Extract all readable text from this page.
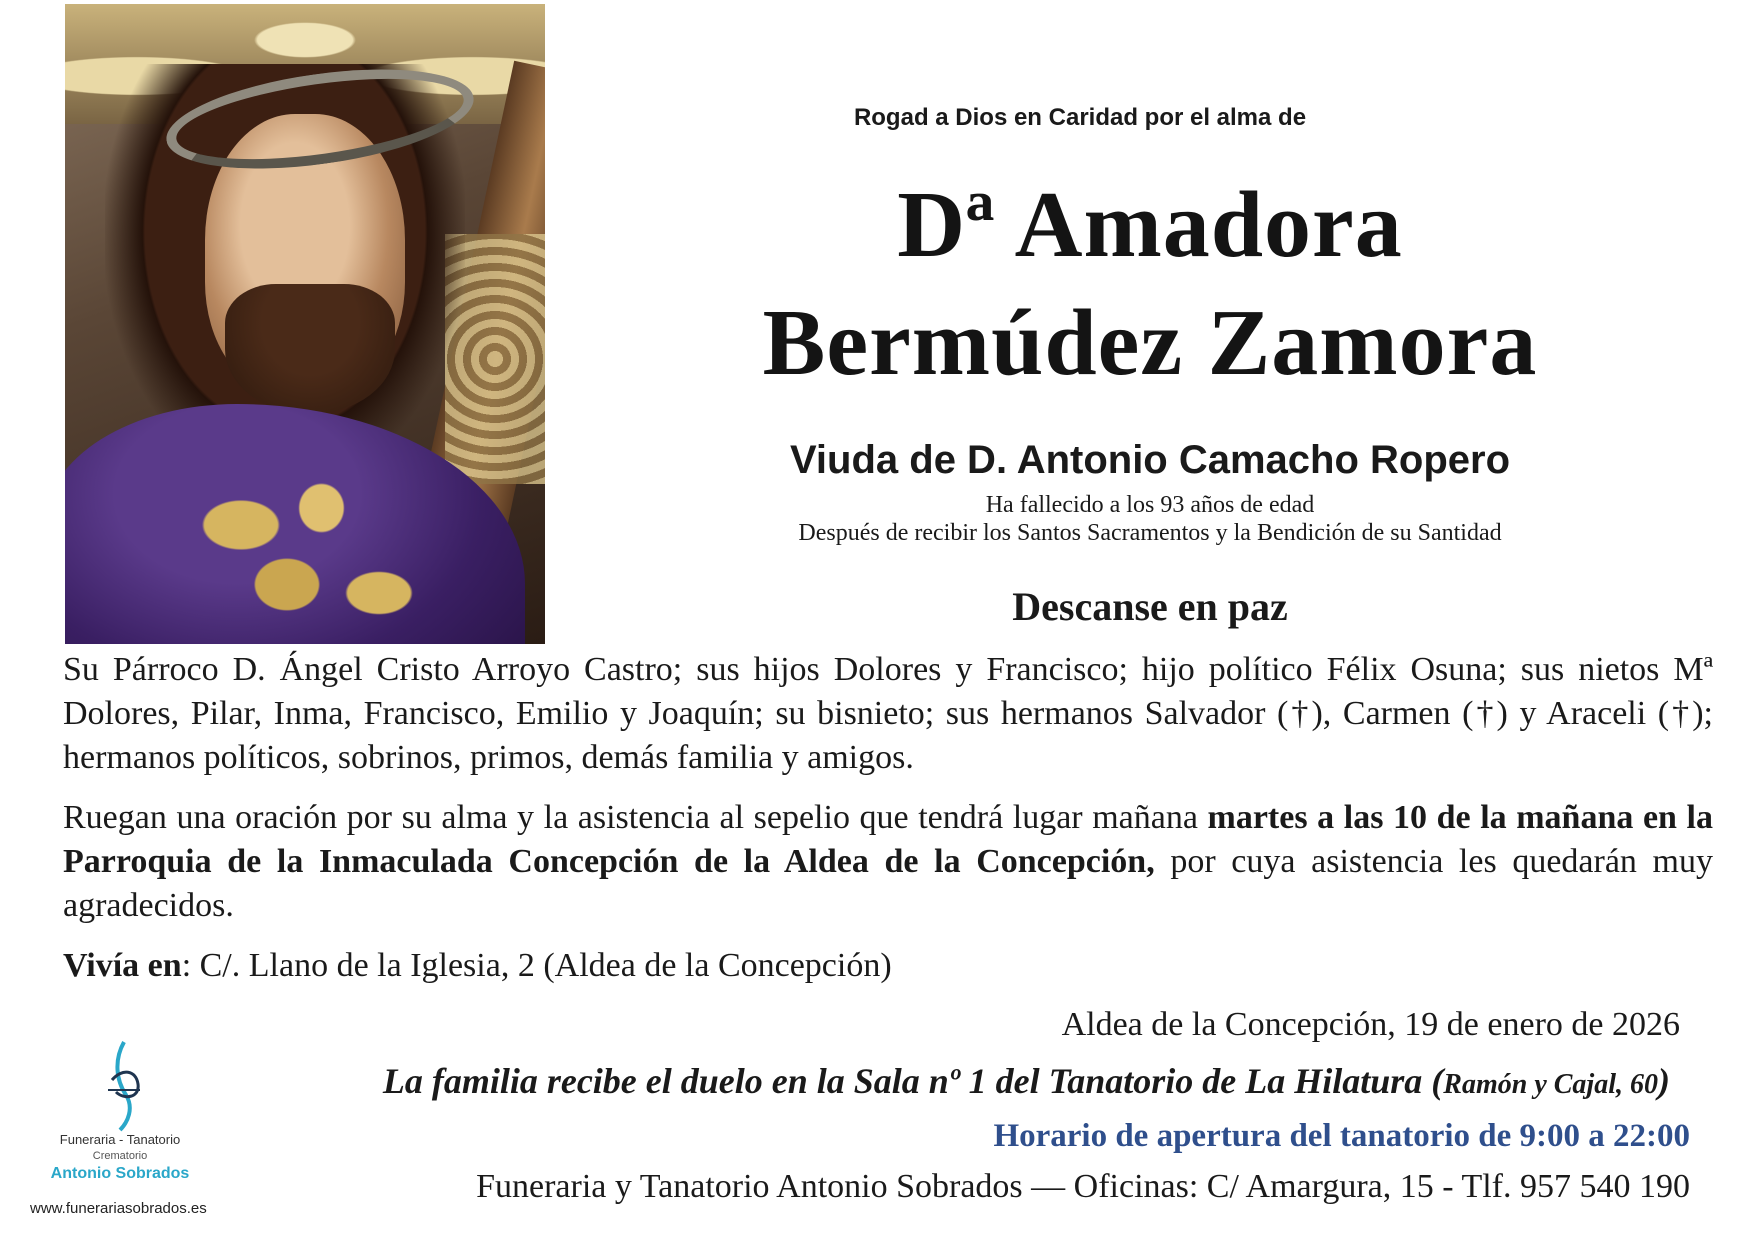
Rogad a Dios en Caridad por el alma de
Dª Amadora
Bermúdez Zamora
Viuda de D. Antonio Camacho Ropero
Ha fallecido a los 93 años de edad
Después de recibir los Santos Sacramentos y la Bendición de su Santidad
Descanse en paz
Su Párroco D. Ángel Cristo Arroyo Castro; sus hijos Dolores y Francisco; hijo político Félix Osuna; sus nietos Mª Dolores, Pilar, Inma, Francisco, Emilio y Joaquín; su bisnieto; sus hermanos Salvador (†), Carmen (†) y Araceli (†); hermanos políticos, sobrinos, primos, demás familia y amigos.
Ruegan una oración por su alma y la asistencia al sepelio que tendrá lugar mañana martes a las 10 de la mañana en la Parroquia de la Inmaculada Concepción de la Aldea de la Concepción, por cuya asistencia les quedarán muy agradecidos.
Vivía en: C/. Llano de la Iglesia, 2 (Aldea de la Concepción)
Aldea de la Concepción, 19 de enero de 2026
La familia recibe el duelo en la Sala nº 1 del Tanatorio de La Hilatura (Ramón y Cajal, 60)
Horario de apertura del tanatorio de 9:00 a 22:00
Funeraria y Tanatorio Antonio Sobrados — Oficinas: C/ Amargura, 15 - Tlf. 957 540 190
Funeraria - Tanatorio
Crematorio
Antonio Sobrados
www.funerariasobrados.es
